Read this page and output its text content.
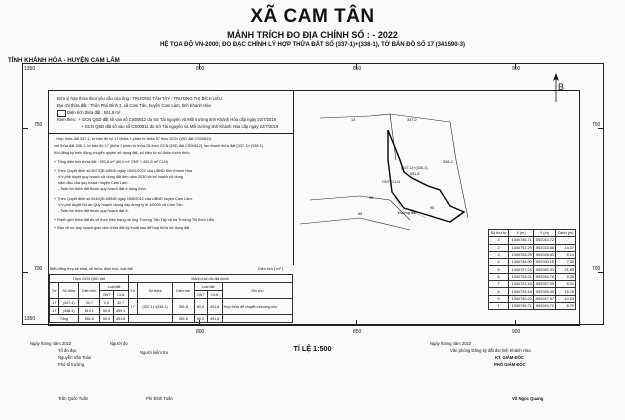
XÃ CAM TÂN
MẢNH TRÍCH ĐO ĐỊA CHÍNH SỐ : - 2022
HỆ TỌA ĐỘ VN-2000; ĐO ĐẠC CHỈNH LÝ HỢP THỬA ĐẤT SỐ (337-1)+(338-1), TỜ BẢN ĐỒ SỐ 17 (341590-3)
TỈNH KHÁNH HÒA - HUYỆN CAM LÂM
1350	800	850	900
1350
800	850	900
750
700
750
700
B
Đơn vị hợp thửa theo yêu cầu của ông : TRƯƠNG TẤN TÂY - TRƯƠNG THỊ BÍCH LIỄU
Địa chỉ thửa đất : Thôn Phú Bình 2, xã Cam Tân, huyện Cam Lâm, tỉnh Khánh Hòa
Diện tích thửa đất : 551,8 m²
Kèm theo : + GCN QSD đất số vào sổ CS00812 do Sở Tài nguyên và Môi trường tỉnh Khánh Hòa cấp ngày 22/7/2019
+ GCN QSD đất số vào sổ CS00811 do Sở Tài nguyên và Môi trường tỉnh Khánh Hòa cấp ngày 22/7/2019
- Hợp thửa đất 337-1, tờ bản đồ số 17 (thửa 1 phần từ thửa 57 theo GCN QSD đất CS00811)
với thửa đất 338-1, tờ bản đồ 17 (thửa 1 phần từ thửa 25 theo GCN QSD đất CS00812), tạo thành thửa đất (337-1)+(338-1)
Khi đăng ký biến động chuyển quyền sử dụng đất, số hiệu tờ số thửa chính thức.
+ Tổng diện tích thửa đất : 551,8 m² (60,0 m² ONT + 491,8 m² CLN)
+ Theo Quyết định số 507/QĐ-UBND ngày 15/02/2022 của UBND tỉnh Khánh Hòa
V/v phê duyệt quy hoạch sử dụng đất đến năm 2030 và kế hoạch sử dụng
năm đầu của quy hoạch huyện Cam Lâm.
- Toàn bộ thửa đất thuộc quy hoạch đất ở nông thôn.
+ Theo Quyết định số 816/QĐ-UBND ngày 15/8/2012 của UBND huyện Cam Lâm.
V/v phê duyệt Đồ án Quy hoạch chung xây dựng tỷ lệ 1/5000 xã Cam Tân.
- Toàn bộ thửa đất thuộc quy hoạch đất ở.
+ Ranh giới thửa đất đo vẽ theo hiện trạng do ông Trương Tấn Tây và bà Trương Thị Bích Liễu.
+ Bản vẽ sơ duy hoạch giao dịch thửa đất kỹ thuật sau để hợp thửa sử dụng đất.
337-2
13
338-2
ONT+CLN
(337-1)+(338-1)
551,8
96
65
95
Đường đất
Số thứ tự	X (m)	Y (m)	Cạnh (m)
1	1340745.71	592010.72	
2	1340751.29	592023.66	14.37
3	1340753.29	592028.81	5.14
4	1340748.90	592030.15	7.00
5	1340727.24	592040.33	21.85
6	1340724.21	592044.78	5.35
7	1340721.15	592037.09	8.31
8	1340733.18	592025.40	16.76
9	1340740.20	592017.57	10.53
1	1340745.71	592010.72	8.79
Biểu tổng hợp kê khai, sổ thửa, diện tích, loại đất	Diện tích ( m² )
Theo GCN QSD đất					Mảnh trích đo địa chính					
Tờ	Số thửa	Diện tích	Loại đất		Tờ	Số thửa	Diện tích	Loại đất		Ghi chú
			ONT	CLN				ONT	CLN	
17	(337-1)	32,7	0,0	32,7	17	(337-1)+(338-1)	551,8	60,0	491,8	Hợp thửa để chuyển nhượng cho
17	(338-1)	519,1	60,0	459,1						
Tổng		551,8	60,0	491,8			551,8	60,0	491,8	
TỈ LỆ 1:500
Ngày tháng năm 2022	Ngày tháng năm 2022
Tổ đo đạc
Nguyễn Văn Toàn
Phó tổ trưởng
Người đo
Người kiểm tra	Văn phòng Đăng ký đất đai tỉnh Khánh Hòa
KT. GIÁM ĐỐC
PHÓ GIÁM ĐỐC
Trần Quốc Tuấn	Phí Đình Tuấn	Võ Ngọc Quang
